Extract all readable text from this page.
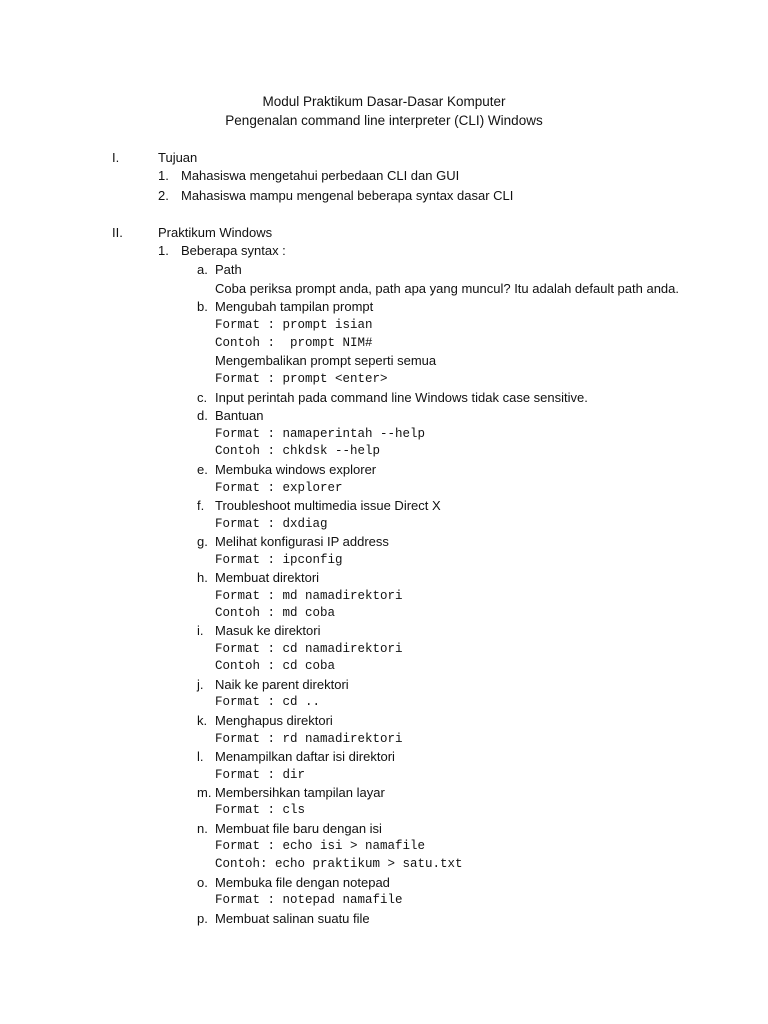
Modul Praktikum Dasar-Dasar Komputer
Pengenalan command line interpreter (CLI) Windows
I.	Tujuan
1. Mahasiswa mengetahui perbedaan CLI dan GUI
2. Mahasiswa mampu mengenal beberapa syntax dasar CLI
II.	Praktikum Windows
1. Beberapa syntax :
a. Path
Coba periksa prompt anda, path apa yang muncul? Itu adalah default path anda.
b. Mengubah tampilan prompt
Format : prompt isian
Contoh :  prompt NIM#
Mengembalikan prompt seperti semua
Format : prompt <enter>
c. Input perintah pada command line Windows tidak case sensitive.
d. Bantuan
Format : namaperintah --help
Contoh : chkdsk --help
e. Membuka windows explorer
Format : explorer
f. Troubleshoot multimedia issue Direct X
Format : dxdiag
g. Melihat konfigurasi IP address
Format : ipconfig
h. Membuat direktori
Format : md namadirektori
Contoh : md coba
i. Masuk ke direktori
Format : cd namadirektori
Contoh : cd coba
j. Naik ke parent direktori
Format : cd ..
k. Menghapus direktori
Format : rd namadirektori
l. Menampilkan daftar isi direktori
Format : dir
m. Membersihkan tampilan layar
Format : cls
n. Membuat file baru dengan isi
Format : echo isi > namafile
Contoh: echo praktikum > satu.txt
o. Membuka file dengan notepad
Format : notepad namafile
p. Membuat salinan suatu file
